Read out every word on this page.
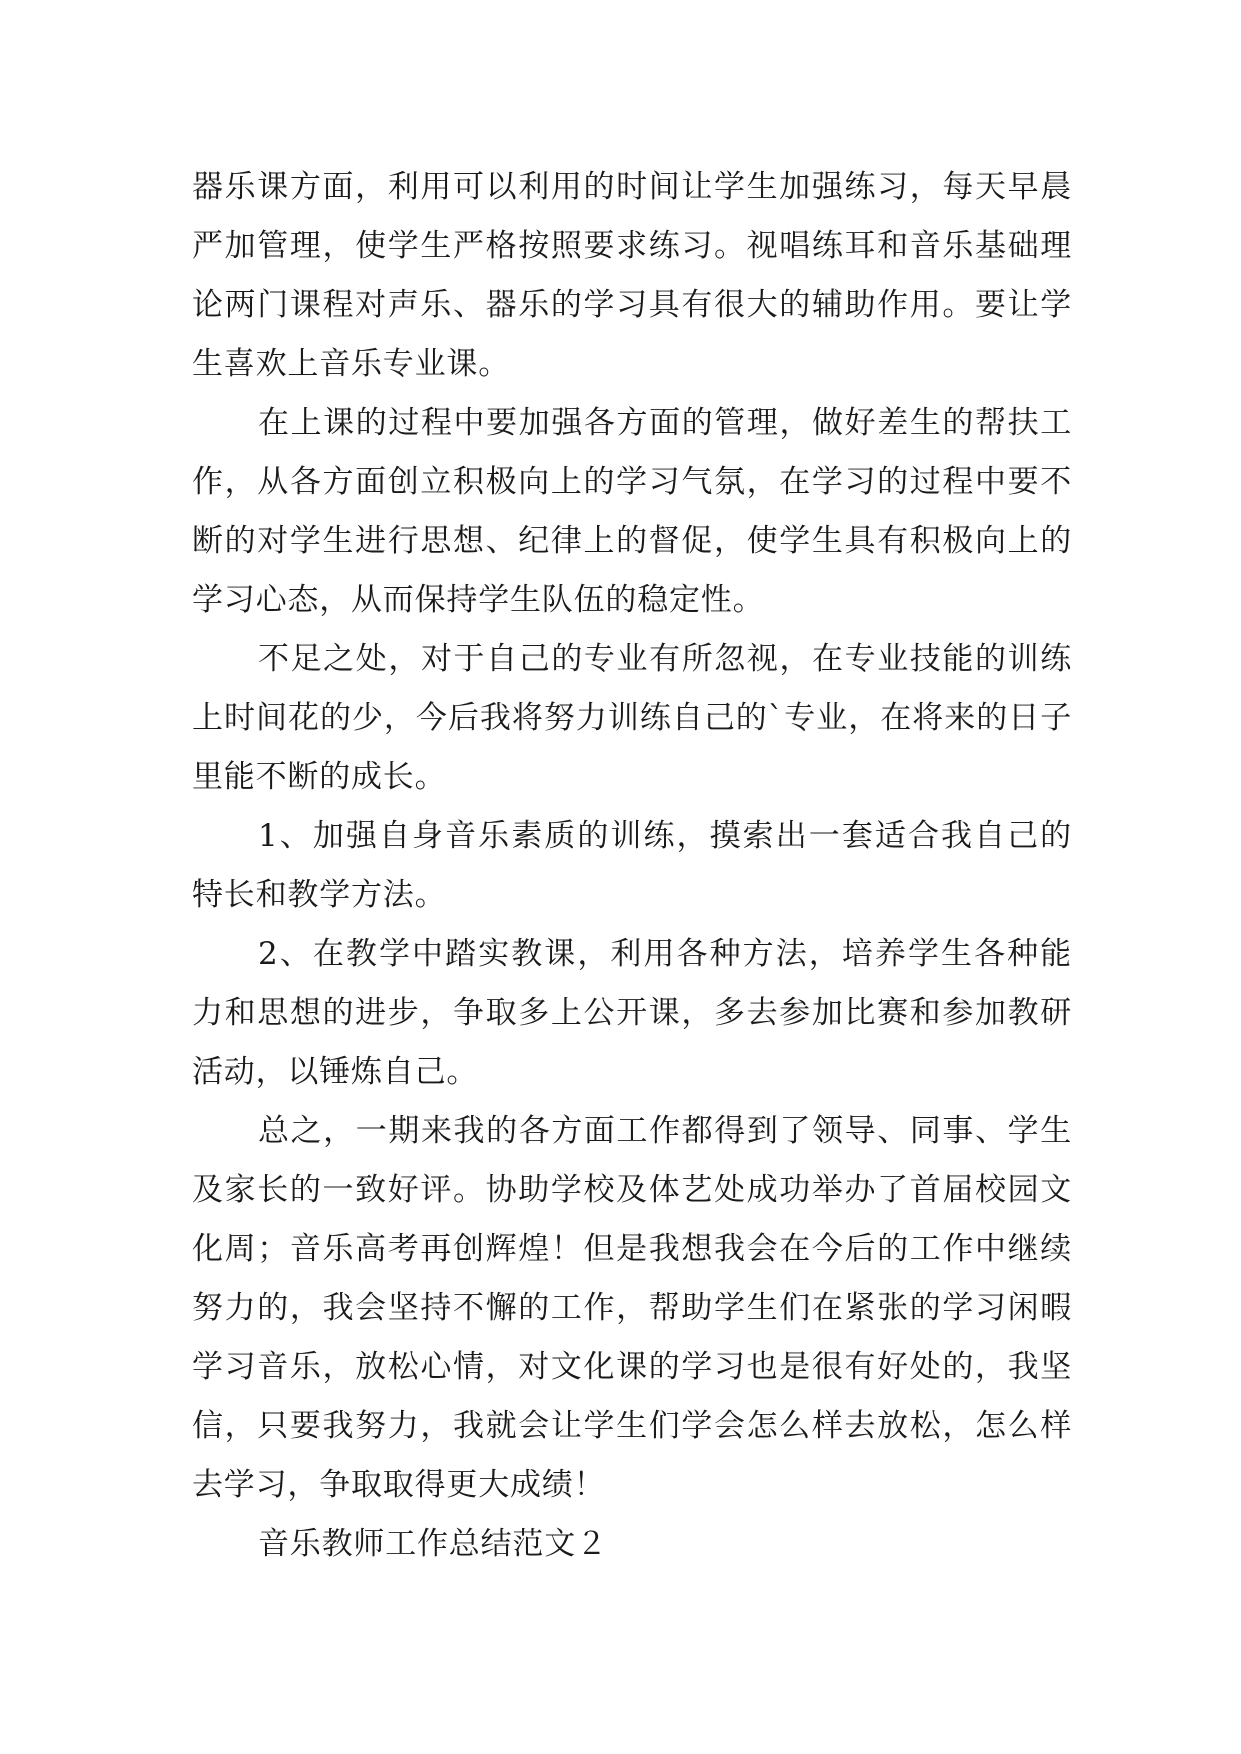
器乐课方面，利用可以利用的时间让学生加强练习，每天早晨严加管理，使学生严格按照要求练习。视唱练耳和音乐基础理论两门课程对声乐、器乐的学习具有很大的辅助作用。要让学生喜欢上音乐专业课。

在上课的过程中要加强各方面的管理，做好差生的帮扶工作，从各方面创立积极向上的学习气氛，在学习的过程中要不断的对学生进行思想、纪律上的督促，使学生具有积极向上的学习心态，从而保持学生队伍的稳定性。

不足之处，对于自己的专业有所忽视，在专业技能的训练上时间花的少，今后我将努力训练自己的`专业，在将来的日子里能不断的成长。

1、加强自身音乐素质的训练，摸索出一套适合我自己的特长和教学方法。

2、在教学中踏实教课，利用各种方法，培养学生各种能力和思想的进步，争取多上公开课，多去参加比赛和参加教研活动，以锤炼自己。

总之，一期来我的各方面工作都得到了领导、同事、学生及家长的一致好评。协助学校及体艺处成功举办了首届校园文化周；音乐高考再创辉煌！但是我想我会在今后的工作中继续努力的，我会坚持不懈的工作，帮助学生们在紧张的学习闲暇学习音乐，放松心情，对文化课的学习也是很有好处的，我坚信，只要我努力，我就会让学生们学会怎么样去放松，怎么样去学习，争取取得更大成绩！

音乐教师工作总结范文２
